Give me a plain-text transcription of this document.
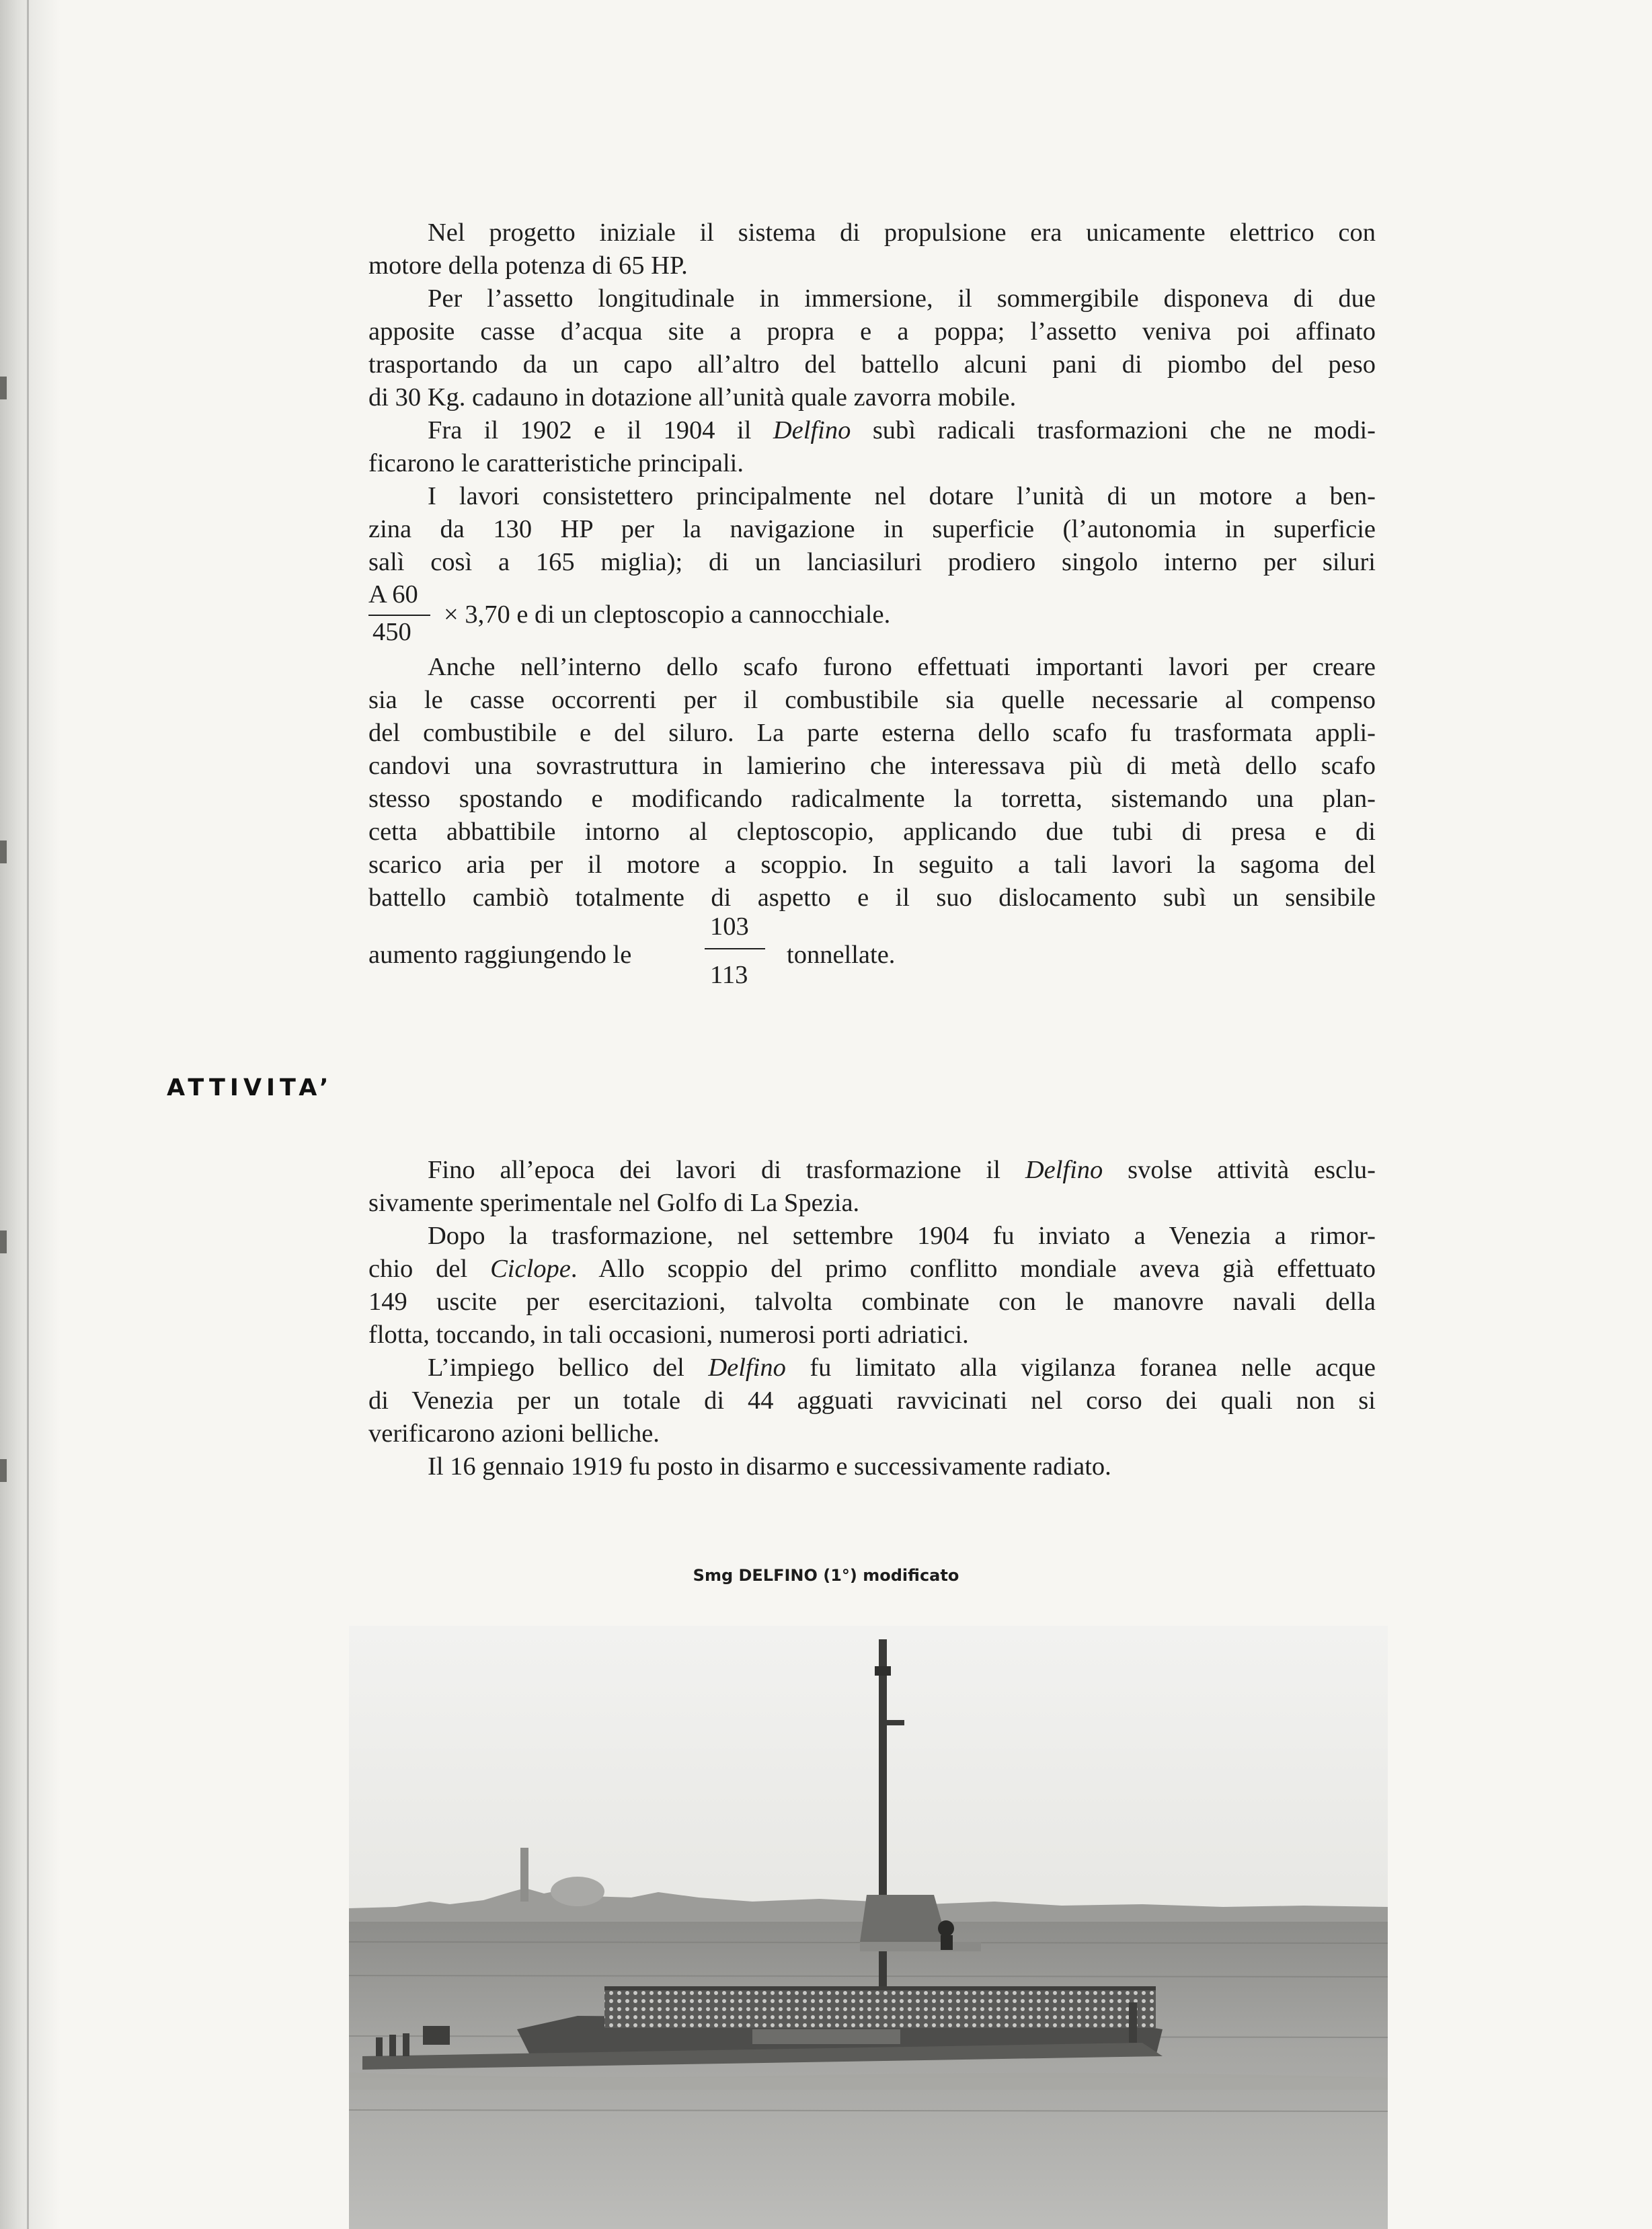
Nel progetto iniziale il sistema di propulsione era unicamente elettrico con
motore della potenza di 65 HP.

Per l’assetto longitudinale in immersione, il sommergibile disponeva di due
apposite casse d’acqua site a propra e a poppa; l’assetto veniva poi affinato
trasportando da un capo all’altro del battello alcuni pani di piombo del peso
di 30 Kg. cadauno in dotazione all’unità quale zavorra mobile.

Fra il 1902 e il 1904 il Delfino subì radicali trasformazioni che ne modi-
ficarono le caratteristiche principali.

I lavori consistettero principalmente nel dotare l’unità di un motore a ben-
zina da 130 HP per la navigazione in superficie (l’autonomia in superficie
salì così a 165 miglia); di un lanciasiluri prodiero singolo interno per siluri

A 60
450
× 3,70 e di un cleptoscopio a cannocchiale.

Anche nell’interno dello scafo furono effettuati importanti lavori per creare
sia le casse occorrenti per il combustibile sia quelle necessarie al compenso
del combustibile e del siluro. La parte esterna dello scafo fu trasformata appli-
candovi una sovrastruttura in lamierino che interessava più di metà dello scafo
stesso spostando e modificando radicalmente la torretta, sistemando una plan-
cetta abbattibile intorno al cleptoscopio, applicando due tubi di presa e di
scarico aria per il motore a scoppio. In seguito a tali lavori la sagoma del
battello cambiò totalmente di aspetto e il suo dislocamento subì un sensibile

aumento raggiungendo le
103
113
tonnellate.
ATTIVITA’

Fino all’epoca dei lavori di trasformazione il Delfino svolse attività esclu-
sivamente sperimentale nel Golfo di La Spezia.

Dopo la trasformazione, nel settembre 1904 fu inviato a Venezia a rimor-
chio del Ciclope. Allo scoppio del primo conflitto mondiale aveva già effettuato
149 uscite per esercitazioni, talvolta combinate con le manovre navali della
flotta, toccando, in tali occasioni, numerosi porti adriatici.

L’impiego bellico del Delfino fu limitato alla vigilanza foranea nelle acque
di Venezia per un totale di 44 agguati ravvicinati nel corso dei quali non si
verificarono azioni belliche.

Il 16 gennaio 1919 fu posto in disarmo e successivamente radiato.

Smg DELFINO (1°) modificato
